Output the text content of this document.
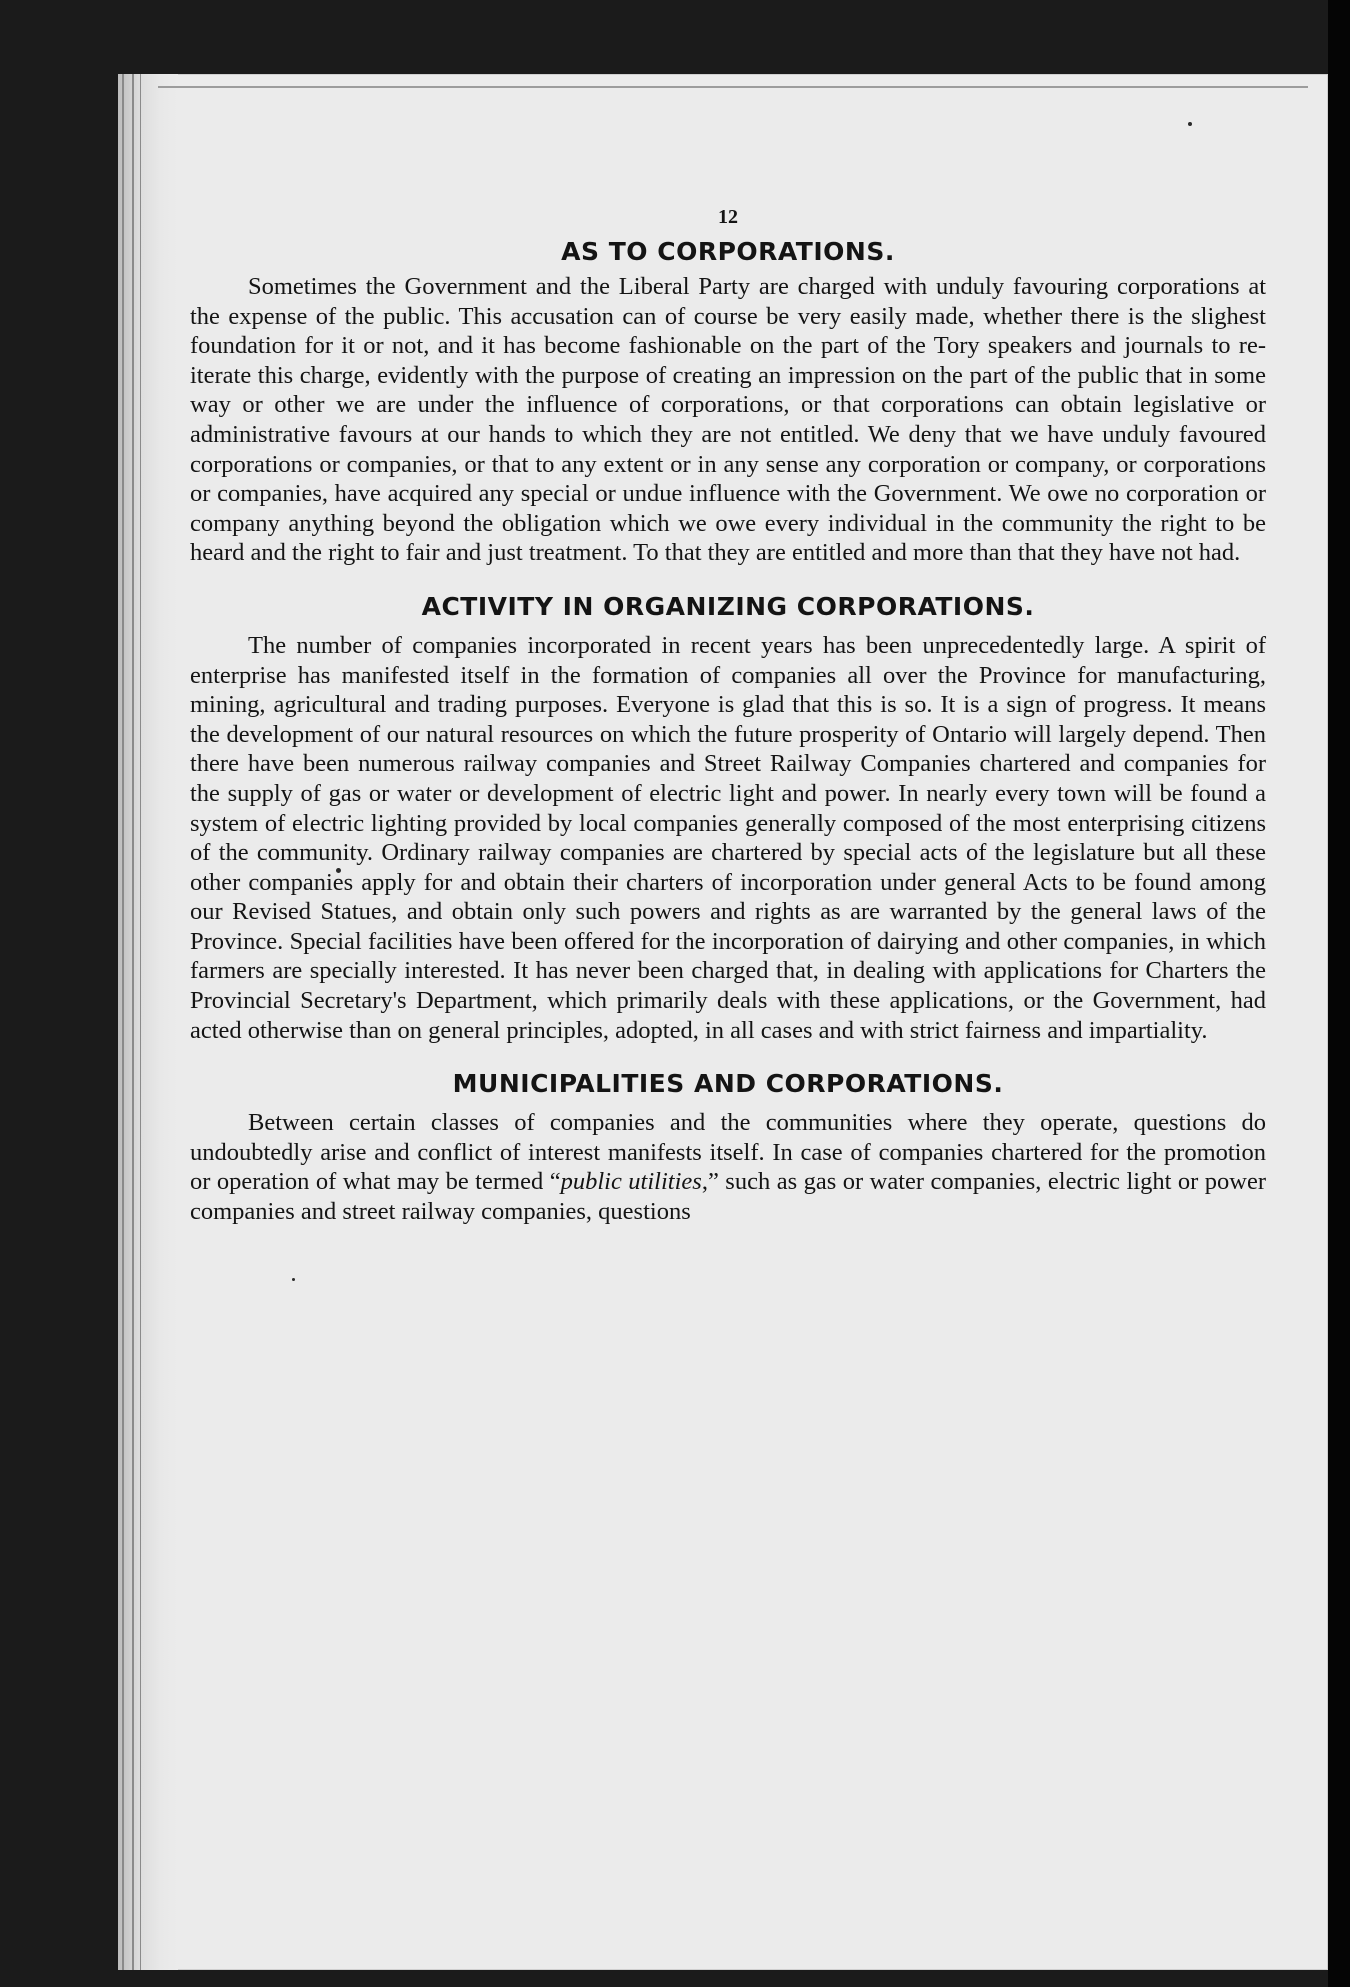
12
AS TO CORPORATIONS.

Sometimes the Government and the Liberal Party are charged with unduly favouring corporations at the expense of the public. This accusation can of course be very easily made, whether there is the slighest foundation for it or not, and it has become fashionable on the part of the Tory speakers and journals to re-iterate this charge, evidently with the purpose of creating an impression on the part of the public that in some way or other we are under the influence of corporations, or that corporations can obtain legislative or administrative favours at our hands to which they are not entitled. We deny that we have unduly favoured corporations or companies, or that to any extent or in any sense any corporation or company, or corporations or companies, have acquired any special or undue influence with the Government. We owe no corporation or company anything beyond the obligation which we owe every individual in the community the right to be heard and the right to fair and just treatment. To that they are entitled and more than that they have not had.

ACTIVITY IN ORGANIZING CORPORATIONS.

The number of companies incorporated in recent years has been unprecedentedly large. A spirit of enterprise has manifested itself in the formation of companies all over the Province for manufacturing, mining, agricultural and trading purposes. Everyone is glad that this is so. It is a sign of progress. It means the development of our natural resources on which the future prosperity of Ontario will largely depend. Then there have been numerous railway companies and Street Railway Companies chartered and companies for the supply of gas or water or development of electric light and power. In nearly every town will be found a system of electric lighting provided by local companies generally composed of the most enterprising citizens of the community. Ordinary railway companies are chartered by special acts of the legislature but all these other companies apply for and obtain their charters of incorporation under general Acts to be found among our Revised Statues, and obtain only such powers and rights as are warranted by the general laws of the Province. Special facilities have been offered for the incorporation of dairying and other companies, in which farmers are specially interested. It has never been charged that, in dealing with applications for Charters the Provincial Secretary's Department, which primarily deals with these applications, or the Government, had acted otherwise than on general principles, adopted, in all cases and with strict fairness and impartiality.

MUNICIPALITIES AND CORPORATIONS.

Between certain classes of companies and the communities where they operate, questions do undoubtedly arise and conflict of interest manifests itself. In case of companies chartered for the promotion or operation of what may be termed “public utilities,” such as gas or water companies, electric light or power companies and street railway companies, questions
